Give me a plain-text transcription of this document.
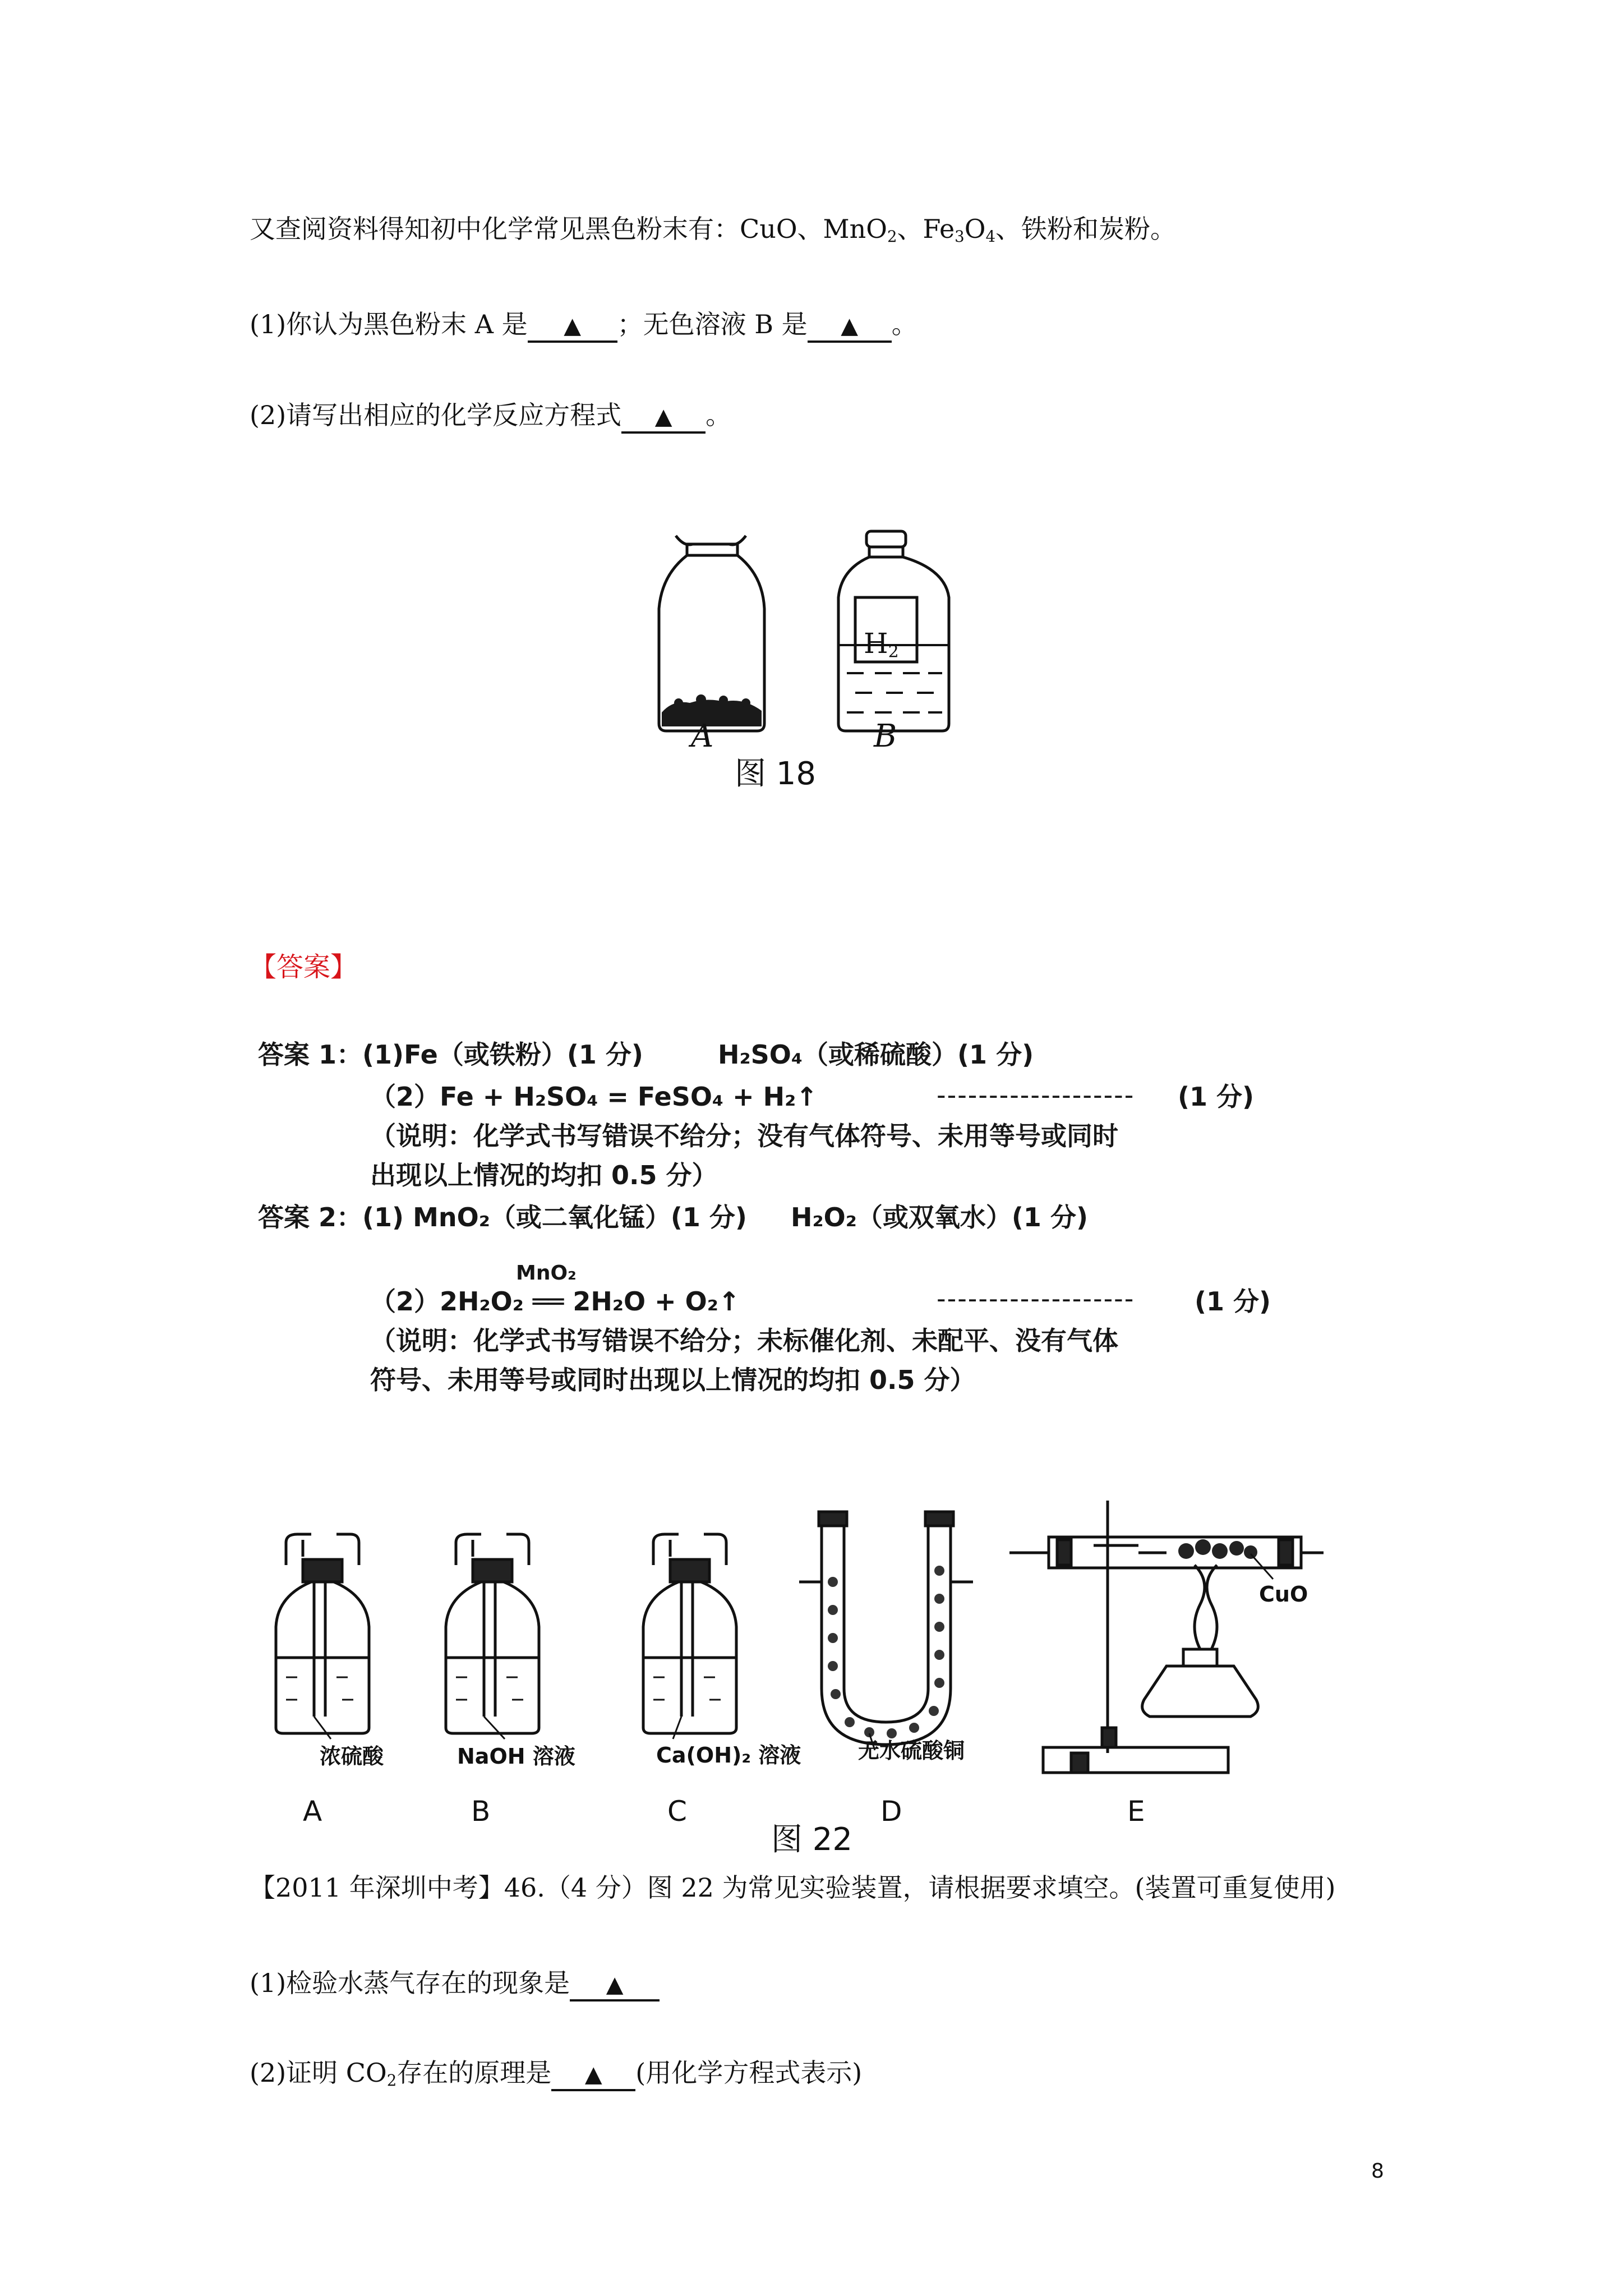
又查阅资料得知初中化学常见黑色粉末有：CuO、MnO$_2$、$Fe_3O_4$、铁粉和炭粉。
(1)你认为黑色粉末 A 是 ▲ ；无色溶液 B 是 ▲ 。
(2)请写出相应的化学反应方程式 ▲ 。
A	B
$H_2$
图 18
【答案】
答案 1：(1)Fe（或铁粉）(1 分)	H₂SO₄（或稀硫酸）(1 分)
（2）Fe + H₂SO₄ = FeSO₄ + H₂↑	------------------- (1 分)
（说明：化学式书写错误不给分；没有气体符号、未用等号或同时
出现以上情况的均扣 0.5 分）
答案 2：(1) MnO₂（或二氧化锰）(1 分) H₂O₂（或双氧水）(1 分)
MnO₂
（2）2H₂O₂ ══ 2H₂O + O₂↑	------------------- (1 分)
（说明：化学式书写错误不给分；未标催化剂、未配平、没有气体
符号、未用等号或同时出现以上情况的均扣 0.5 分）
浓硫酸	NaOH 溶液	Ca(OH)₂ 溶液	无水硫酸铜
CuO
A	B	C	D	E
图 22
【2011 年深圳中考】46.（4 分）图 22 为常见实验装置，请根据要求填空。(装置可重复使用)
(1)检验水蒸气存在的现象是 ▲
(2)证明 $CO_2$存在的原理是 ▲ (用化学方程式表示)
8
